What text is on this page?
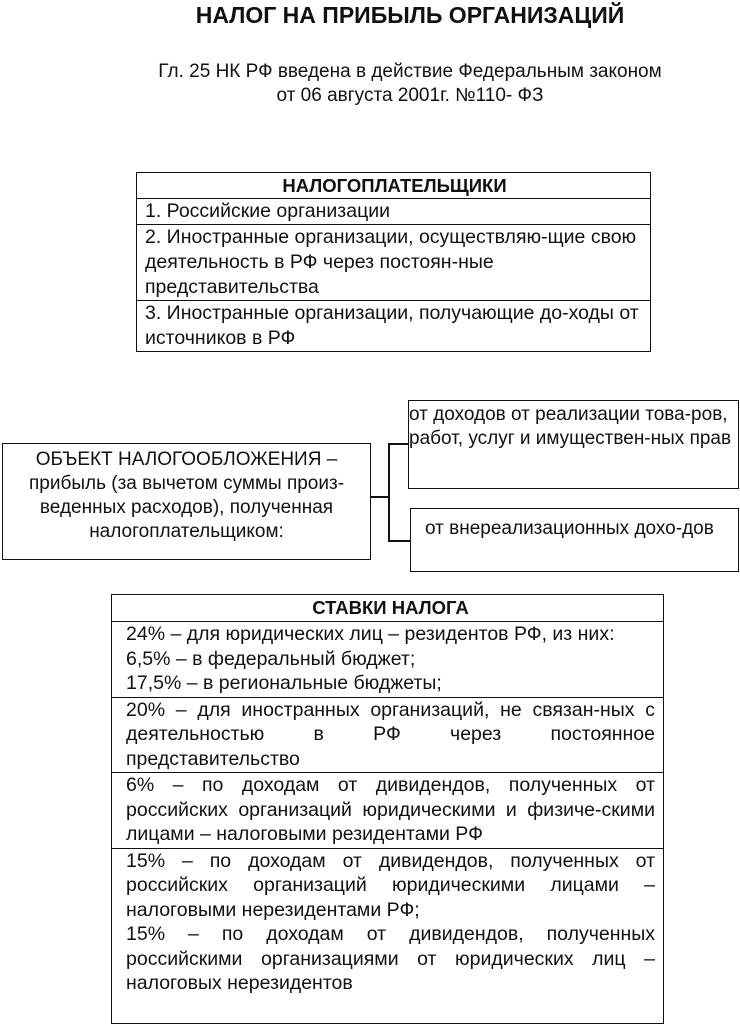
НАЛОГ НА ПРИБЫЛЬ ОРГАНИЗАЦИЙ
Гл. 25 НК РФ введена в действие Федеральным законом
от 06 августа 2001г. №110- ФЗ
НАЛОГОПЛАТЕЛЬЩИКИ
1. Российские организации
2. Иностранные организации, осуществляю-щие свою деятельность в РФ через постоян-ные представительства
3. Иностранные организации, получающие до-ходы от источников в РФ
ОБЪЕКТ НАЛОГООБЛОЖЕНИЯ –
прибыль (за вычетом суммы произ-
веденных расходов), полученная
налогоплательщиком:
от доходов от реализации това-ров, работ, услуг и имуществен-ных прав
от внереализационных дохо-дов
СТАВКИ НАЛОГА
24% – для юридических лиц – резидентов РФ, из них:
6,5% – в федеральный бюджет;
17,5% – в региональные бюджеты;
20% – для иностранных организаций, не связан-ных с деятельностью в РФ через постоянное представительство
6% – по доходам от дивидендов, полученных от российских организаций юридическими и физиче-скими лицами – налоговыми резидентами РФ
15% – по доходам от дивидендов, полученных от российских организаций юридическими лицами – налоговыми нерезидентами РФ;
15% – по доходам от дивидендов, полученных российскими организациями от юридических лиц – налоговых нерезидентов
